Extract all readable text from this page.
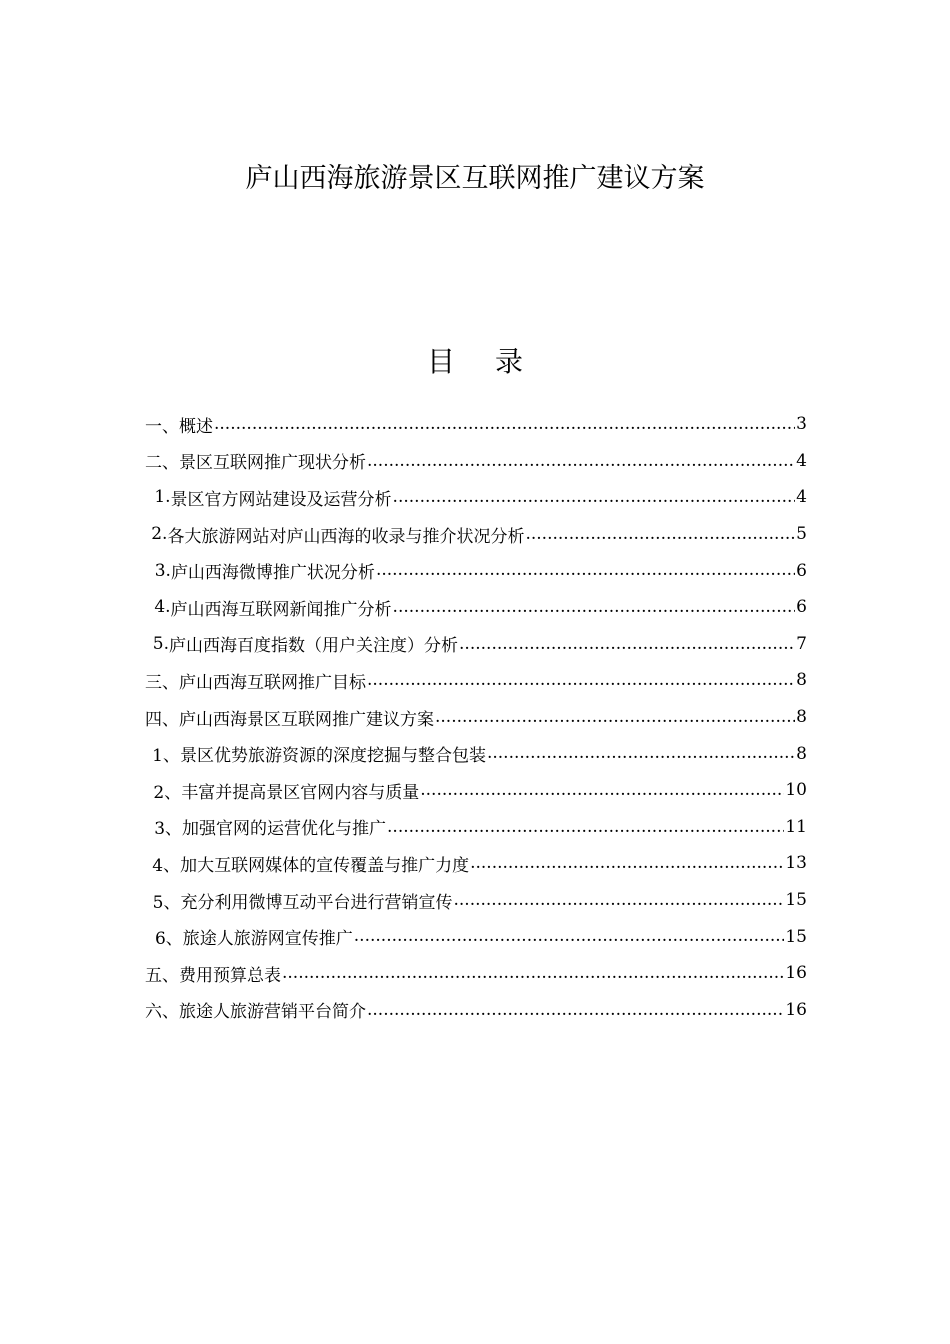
庐山西海旅游景区互联网推广建议方案
目 录
一、 概述 .....	3
二、 景区互联网推广现状分析 .....	4
1. 景区官方网站建设及运营分析 .....	4
2. 各大旅游网站对庐山西海的收录与推介状况分析 .....	5
3. 庐山西海微博推广状况分析 .....	6
4. 庐山西海互联网新闻推广分析 .....	6
5. 庐山西海百度指数（用户关注度）分析 .....	7
三、 庐山西海互联网推广目标 .....	8
四、 庐山西海景区互联网推广建议方案 .....	8
1、 景区优势旅游资源的深度挖掘与整合包装 .....	8
2、 丰富并提高景区官网内容与质量 .....	10
3、 加强官网的运营优化与推广 .....	11
4、 加大互联网媒体的宣传覆盖与推广力度 .....	13
5、 充分利用微博互动平台进行营销宣传 .....	15
6、 旅途人旅游网宣传推广 .....	15
五、 费用预算总表 .....	16
六、 旅途人旅游营销平台简介 .....	16
